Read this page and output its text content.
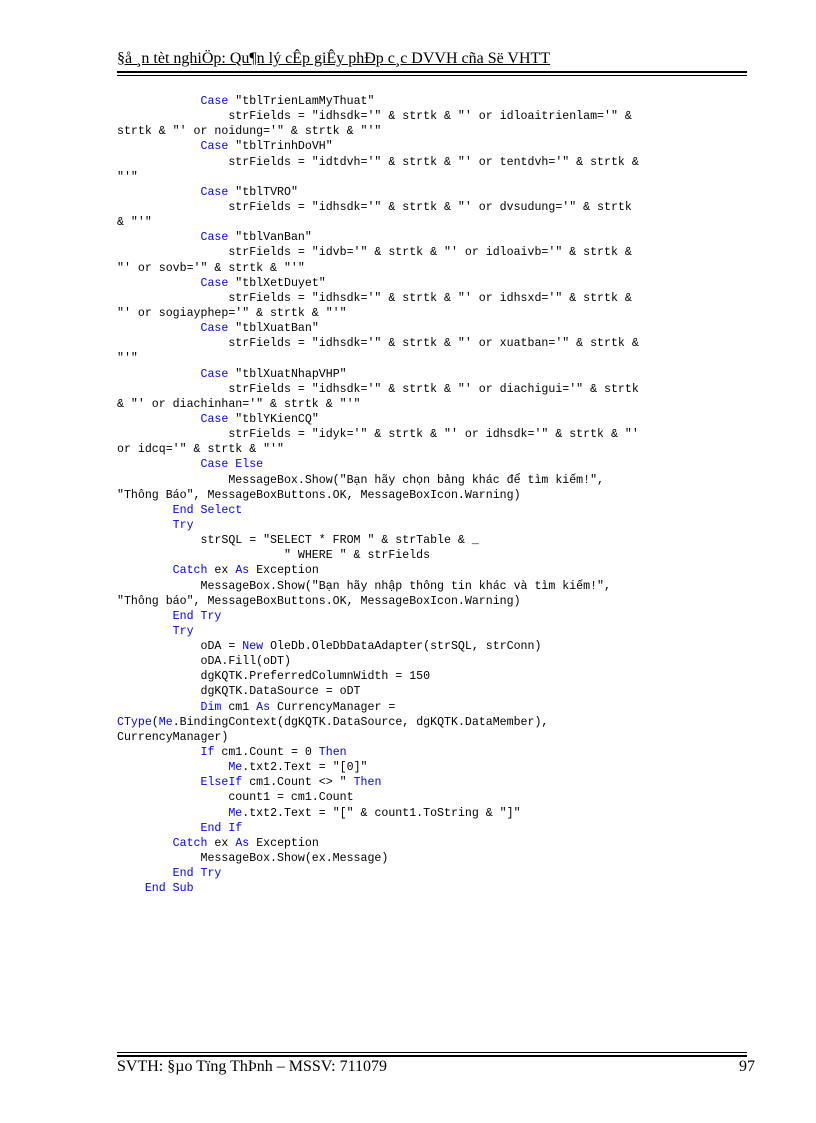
§å ¸n tèt nghiÖp: Qu¶n lý cÊp giÊy phÐp c¸c DVVH cña Së VHTT
Case "tblTrienLamMyThuat"
strFields = "idhsdk='" & strtk & "' or idloaitrienlam='" &
strtk & "' or noidung='" & strtk & "'"
Case "tblTrinhDoVH"
strFields = "idtdvh='" & strtk & "' or tentdvh='" & strtk &
"'"
Case "tblTVRO"
strFields = "idhsdk='" & strtk & "' or dvsudung='" & strtk
& "'"
Case "tblVanBan"
strFields = "idvb='" & strtk & "' or idloaivb='" & strtk &
"' or sovb='" & strtk & "'"
Case "tblXetDuyet"
strFields = "idhsdk='" & strtk & "' or idhsxd='" & strtk &
"' or sogiayphep='" & strtk & "'"
Case "tblXuatBan"
strFields = "idhsdk='" & strtk & "' or xuatban='" & strtk &
"'"
Case "tblXuatNhapVHP"
strFields = "idhsdk='" & strtk & "' or diachigui='" & strtk
& "' or diachinhan='" & strtk & "'"
Case "tblYKienCQ"
strFields = "idyk='" & strtk & "' or idhsdk='" & strtk & "'
or idcq='" & strtk & "'"
Case Else
MessageBox.Show("Bạn hãy chọn bảng khác để tìm kiếm!",
"Thông Báo", MessageBoxButtons.OK, MessageBoxIcon.Warning)
End Select
Try
strSQL = "SELECT * FROM " & strTable & _
" WHERE " & strFields
Catch ex As Exception
MessageBox.Show("Bạn hãy nhập thông tin khác và tìm kiếm!",
"Thông báo", MessageBoxButtons.OK, MessageBoxIcon.Warning)
End Try
Try
oDA = New OleDb.OleDbDataAdapter(strSQL, strConn)
oDA.Fill(oDT)
dgKQTK.PreferredColumnWidth = 150
dgKQTK.DataSource = oDT
Dim cm1 As CurrencyManager =
CType(Me.BindingContext(dgKQTK.DataSource, dgKQTK.DataMember),
CurrencyManager)
If cm1.Count = 0 Then
Me.txt2.Text = "[0]"
ElseIf cm1.Count <> ″ Then
count1 = cm1.Count
Me.txt2.Text = "[" & count1.ToString & "]"
End If
Catch ex As Exception
MessageBox.Show(ex.Message)
End Try
End Sub
SVTH: §µo Tïng ThÞnh – MSSV: 711079	97
